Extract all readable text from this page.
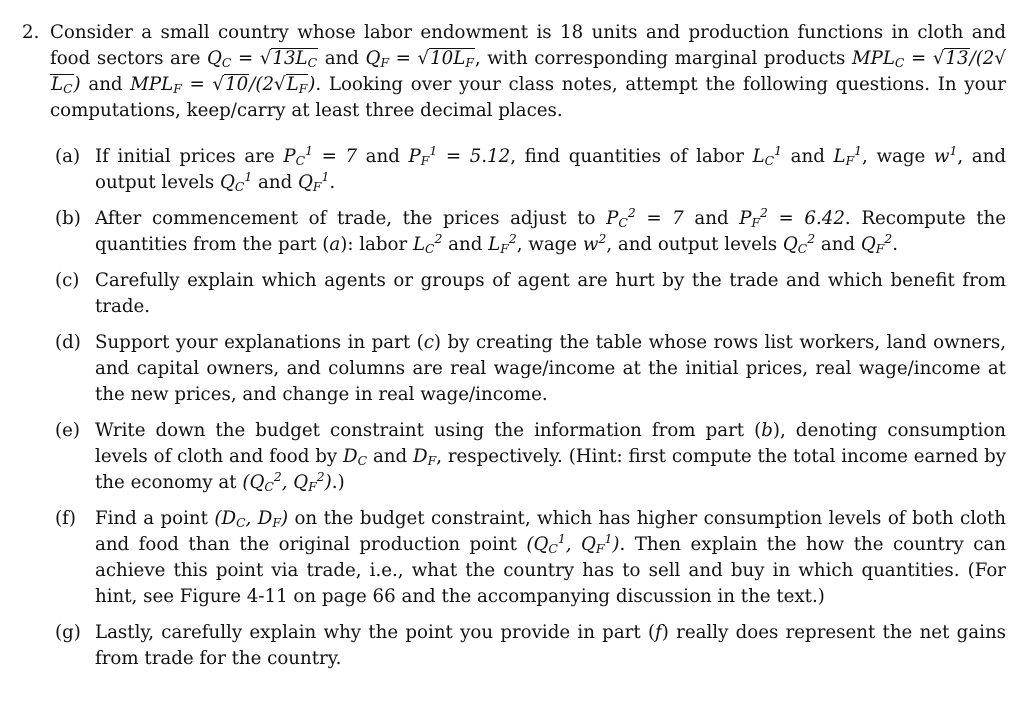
2. Consider a small country whose labor endowment is 18 units and production functions in cloth and food sectors are $Q_C = √13L_C$ and $Q_F = √10L_F$, with corresponding marginal products $MPL_C = √13/(2√L_C)$ and $MPL_F = √10/(2√L_F)$. Looking over your class notes, attempt the following questions. In your computations, keep/carry at least three decimal places.
(a) If initial prices are $P_C^1 = 7$ and $P_F^1 = 5.12$, find quantities of labor $L_C^1$ and $L_F^1$, wage $w^1$, and output levels $Q_C^1$ and $Q_F^1$.
(b) After commencement of trade, the prices adjust to $P_C^2 = 7$ and $P_F^2 = 6.42$. Recompute the quantities from the part (a): labor $L_C^2$ and $L_F^2$, wage $w^2$, and output levels $Q_C^2$ and $Q_F^2$.
(c) Carefully explain which agents or groups of agent are hurt by the trade and which benefit from trade.
(d) Support your explanations in part (c) by creating the table whose rows list workers, land owners, and capital owners, and columns are real wage/income at the initial prices, real wage/income at the new prices, and change in real wage/income.
(e) Write down the budget constraint using the information from part (b), denoting consumption levels of cloth and food by $D_C$ and $D_F$, respectively. (Hint: first compute the total income earned by the economy at ($Q_C^2$, $Q_F^2$).)
(f) Find a point ($D_C$, $D_F$) on the budget constraint, which has higher consumption levels of both cloth and food than the original production point ($Q_C^1$, $Q_F^1$). Then explain the how the country can achieve this point via trade, i.e., what the country has to sell and buy in which quantities. (For hint, see Figure 4-11 on page 66 and the accompanying discussion in the text.)
(g) Lastly, carefully explain why the point you provide in part (f) really does represent the net gains from trade for the country.
